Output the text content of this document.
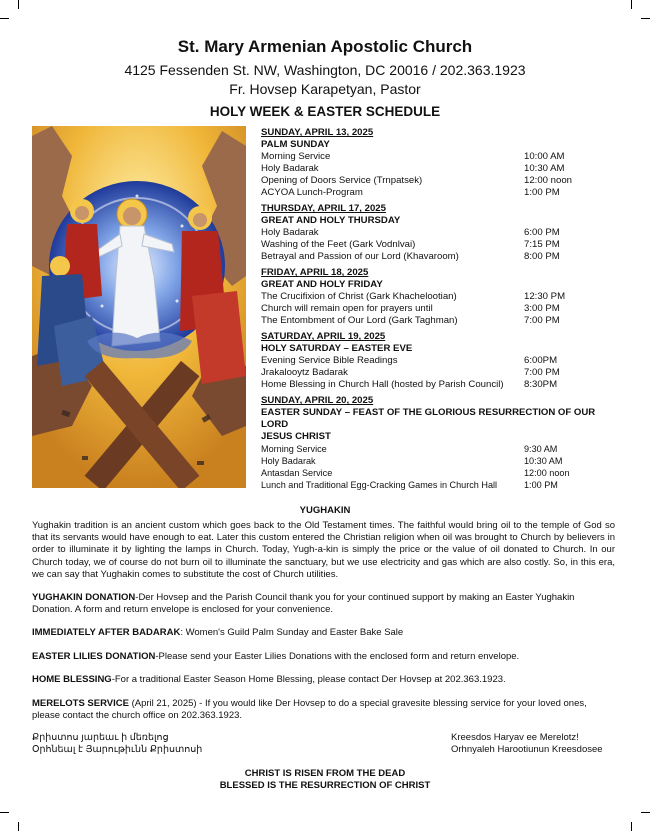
St. Mary Armenian Apostolic Church
4125 Fessenden St. NW, Washington, DC 20016 / 202.363.1923
Fr. Hovsep Karapetyan, Pastor
HOLY WEEK & EASTER SCHEDULE
SUNDAY, APRIL 13, 2025
PALM SUNDAY
Morning Service	10:00 AM
Holy Badarak	10:30 AM
Opening of Doors Service (Trnpatsek)	12:00 noon
ACYOA Lunch-Program	1:00 PM
THURSDAY, APRIL 17, 2025
GREAT AND HOLY THURSDAY
Holy Badarak	6:00 PM
Washing of the Feet (Gark Vodnlvai)	7:15 PM
Betrayal and Passion of our Lord (Khavaroom)	8:00 PM
FRIDAY, APRIL 18, 2025
GREAT AND HOLY FRIDAY
The Crucifixion of Christ (Gark Khachelootian)	12:30 PM
Church will remain open for prayers until	3:00 PM
The Entombment of Our Lord (Gark Taghman)	7:00 PM
SATURDAY, APRIL 19, 2025
HOLY SATURDAY – EASTER EVE
Evening Service Bible Readings	6:00PM
Jrakalooytz Badarak	7:00 PM
Home Blessing in Church Hall (hosted by Parish Council) 8:30PM
SUNDAY, APRIL 20, 2025
EASTER SUNDAY – FEAST OF THE GLORIOUS RESURRECTION OF OUR LORD
JESUS CHRIST
Morning Service	9:30 AM
Holy Badarak	10:30 AM
Antasdan Service	12:00 noon
Lunch and Traditional Egg-Cracking Games in Church Hall	1:00 PM
YUGHAKIN
Yughakin tradition is an ancient custom which goes back to the Old Testament times. The faithful would bring oil to the temple of God so that its servants would have enough to eat. Later this custom entered the Christian religion when oil was brought to Church by believers in order to illuminate it by lighting the lamps in Church. Today, Yugh-a-kin is simply the price or the value of oil donated to Church. In our Church today, we of course do not burn oil to illuminate the sanctuary, but we use electricity and gas which are also costly. So, in this era, we can say that Yughakin comes to substitute the cost of Church utilities.
YUGHAKIN DONATION-Der Hovsep and the Parish Council thank you for your continued support by making an Easter Yughakin Donation. A form and return envelope is enclosed for your convenience.
IMMEDIATELY AFTER BADARAK: Women's Guild Palm Sunday and Easter Bake Sale
EASTER LILIES DONATION-Please send your Easter Lilies Donations with the enclosed form and return envelope.
HOME BLESSING-For a traditional Easter Season Home Blessing, please contact Der Hovsep at 202.363.1923.
MERELOTS SERVICE (April 21, 2025) - If you would like Der Hovsep to do a special gravesite blessing service for your loved ones, please contact the church office on 202.363.1923.
Քրիստոս յարեաւ ի մեռելոց
Օրհնեալ է Յարութիւնն Քրիստոսի
Kreesdos Haryav ee Merelotz!
Orhnyaleh Harootiunun Kreesdosee
CHRIST IS RISEN FROM THE DEAD
BLESSED IS THE RESURRECTION OF CHRIST
